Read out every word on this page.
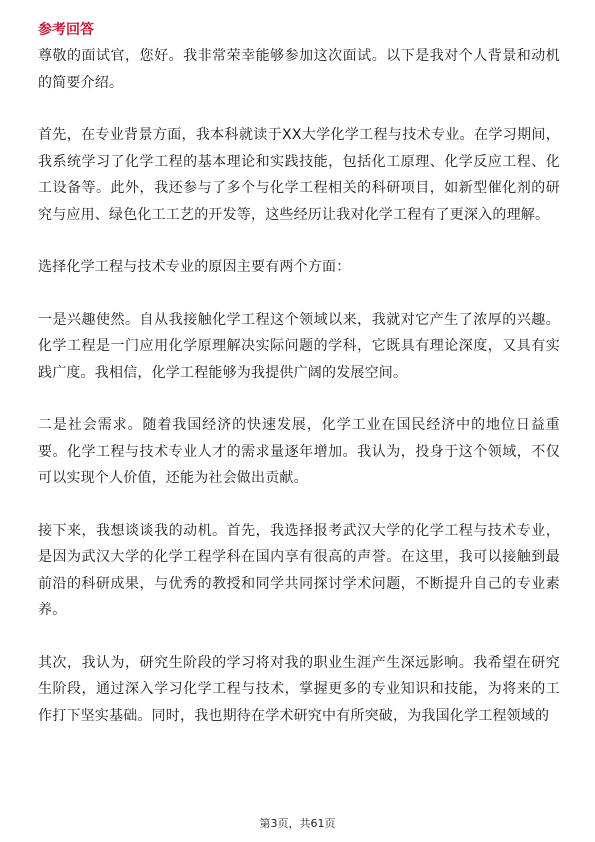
参考回答
尊敬的面试官，您好。我非常荣幸能够参加这次面试。以下是我对个人背景和动机的简要介绍。
首先，在专业背景方面，我本科就读于XX大学化学工程与技术专业。在学习期间，我系统学习了化学工程的基本理论和实践技能，包括化工原理、化学反应工程、化工设备等。此外，我还参与了多个与化学工程相关的科研项目，如新型催化剂的研究与应用、绿色化工工艺的开发等，这些经历让我对化学工程有了更深入的理解。
选择化学工程与技术专业的原因主要有两个方面：
一是兴趣使然。自从我接触化学工程这个领域以来，我就对它产生了浓厚的兴趣。化学工程是一门应用化学原理解决实际问题的学科，它既具有理论深度，又具有实践广度。我相信，化学工程能够为我提供广阔的发展空间。
二是社会需求。随着我国经济的快速发展，化学工业在国民经济中的地位日益重要。化学工程与技术专业人才的需求量逐年增加。我认为，投身于这个领域，不仅可以实现个人价值，还能为社会做出贡献。
接下来，我想谈谈我的动机。首先，我选择报考武汉大学的化学工程与技术专业，是因为武汉大学的化学工程学科在国内享有很高的声誉。在这里，我可以接触到最前沿的科研成果，与优秀的教授和同学共同探讨学术问题，不断提升自己的专业素养。
其次，我认为，研究生阶段的学习将对我的职业生涯产生深远影响。我希望在研究生阶段，通过深入学习化学工程与技术，掌握更多的专业知识和技能，为将来的工作打下坚实基础。同时，我也期待在学术研究中有所突破，为我国化学工程领域的
第3页，共61页
